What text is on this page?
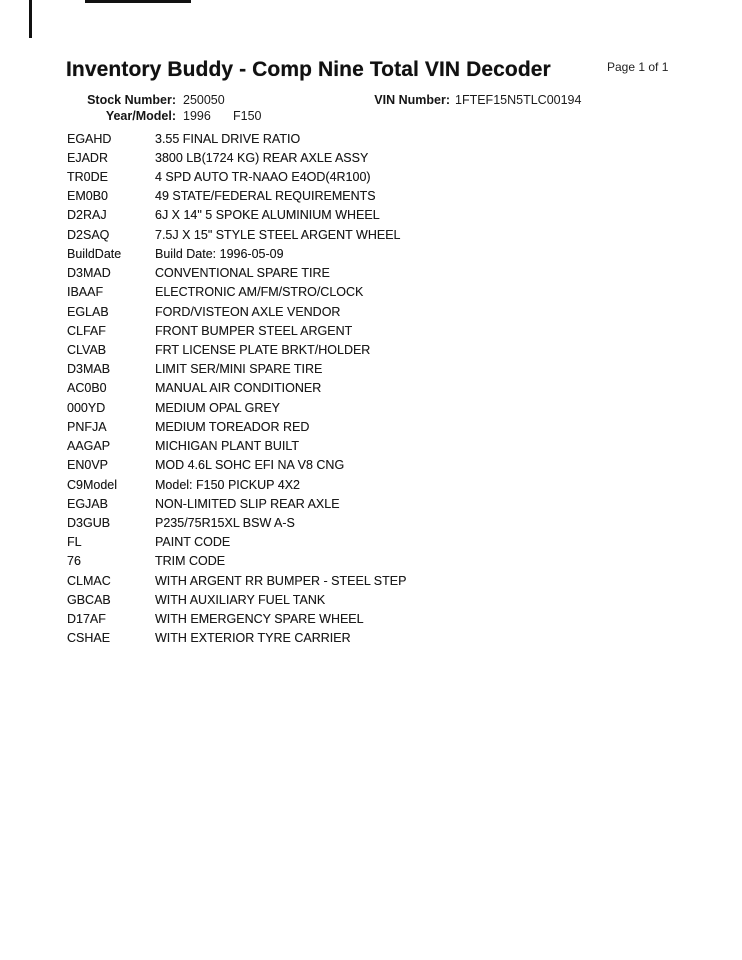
Inventory Buddy - Comp Nine Total VIN Decoder	Page 1 of 1
Stock Number: 250050	VIN Number: 1FTEF15N5TLC00194
Year/Model: 1996 F150
EGAHD	3.55 FINAL DRIVE RATIO
EJADR	3800 LB(1724 KG) REAR AXLE ASSY
TR0DE	4 SPD AUTO TR-NAAO E4OD(4R100)
EM0B0	49 STATE/FEDERAL REQUIREMENTS
D2RAJ	6J X 14" 5 SPOKE ALUMINIUM WHEEL
D2SAQ	7.5J X 15" STYLE STEEL ARGENT WHEEL
BuildDate	Build Date: 1996-05-09
D3MAD	CONVENTIONAL SPARE TIRE
IBAAF	ELECTRONIC AM/FM/STRO/CLOCK
EGLAB	FORD/VISTEON AXLE VENDOR
CLFAF	FRONT BUMPER STEEL ARGENT
CLVAB	FRT LICENSE PLATE BRKT/HOLDER
D3MAB	LIMIT SER/MINI SPARE TIRE
AC0B0	MANUAL AIR CONDITIONER
000YD	MEDIUM OPAL GREY
PNFJA	MEDIUM TOREADOR RED
AAGAP	MICHIGAN PLANT BUILT
EN0VP	MOD 4.6L SOHC EFI NA V8 CNG
C9Model	Model: F150 PICKUP 4X2
EGJAB	NON-LIMITED SLIP REAR AXLE
D3GUB	P235/75R15XL BSW A-S
FL	PAINT CODE
76	TRIM CODE
CLMAC	WITH ARGENT RR BUMPER - STEEL STEP
GBCAB	WITH AUXILIARY FUEL TANK
D17AF	WITH EMERGENCY SPARE WHEEL
CSHAE	WITH EXTERIOR TYRE CARRIER
